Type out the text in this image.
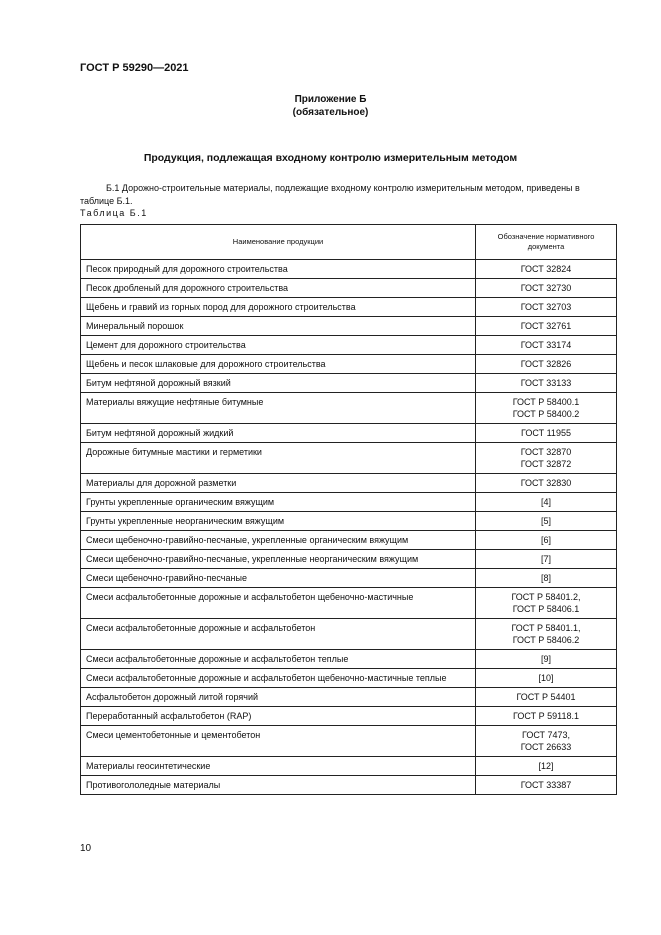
ГОСТ Р 59290—2021
Приложение Б
(обязательное)
Продукция, подлежащая входному контролю измерительным методом
Б.1 Дорожно-строительные материалы, подлежащие входному контролю измерительным методом, приведены в таблице Б.1.
Таблица Б.1
Наименование продукции	Обозначение нормативного документа
Песок природный для дорожного строительства	ГОСТ 32824
Песок дробленый для дорожного строительства	ГОСТ 32730
Щебень и гравий из горных пород для дорожного строительства	ГОСТ 32703
Минеральный порошок	ГОСТ 32761
Цемент для дорожного строительства	ГОСТ 33174
Щебень и песок шлаковые для дорожного строительства	ГОСТ 32826
Битум нефтяной дорожный вязкий	ГОСТ 33133
Материалы вяжущие нефтяные битумные	ГОСТ Р 58400.1
ГОСТ Р 58400.2
Битум нефтяной дорожный жидкий	ГОСТ 11955
Дорожные битумные мастики и герметики	ГОСТ 32870
ГОСТ 32872
Материалы для дорожной разметки	ГОСТ 32830
Грунты укрепленные органическим вяжущим	[4]
Грунты укрепленные неорганическим вяжущим	[5]
Смеси щебеночно-гравийно-песчаные, укрепленные органическим вяжущим	[6]
Смеси щебеночно-гравийно-песчаные, укрепленные неорганическим вяжущим	[7]
Смеси щебеночно-гравийно-песчаные	[8]
Смеси асфальтобетонные дорожные и асфальтобетон щебеночно-мастичные	ГОСТ Р 58401.2,
ГОСТ Р 58406.1
Смеси асфальтобетонные дорожные и асфальтобетон	ГОСТ Р 58401.1,
ГОСТ Р 58406.2
Смеси асфальтобетонные дорожные и асфальтобетон теплые	[9]
Смеси асфальтобетонные дорожные и асфальтобетон щебеночно-мастичные теплые	[10]
Асфальтобетон дорожный литой горячий	ГОСТ Р 54401
Переработанный асфальтобетон (RAP)	ГОСТ Р 59118.1
Смеси цементобетонные и цементобетон	ГОСТ 7473,
ГОСТ 26633
Материалы геосинтетические	[12]
Противогололедные материалы	ГОСТ 33387
10
